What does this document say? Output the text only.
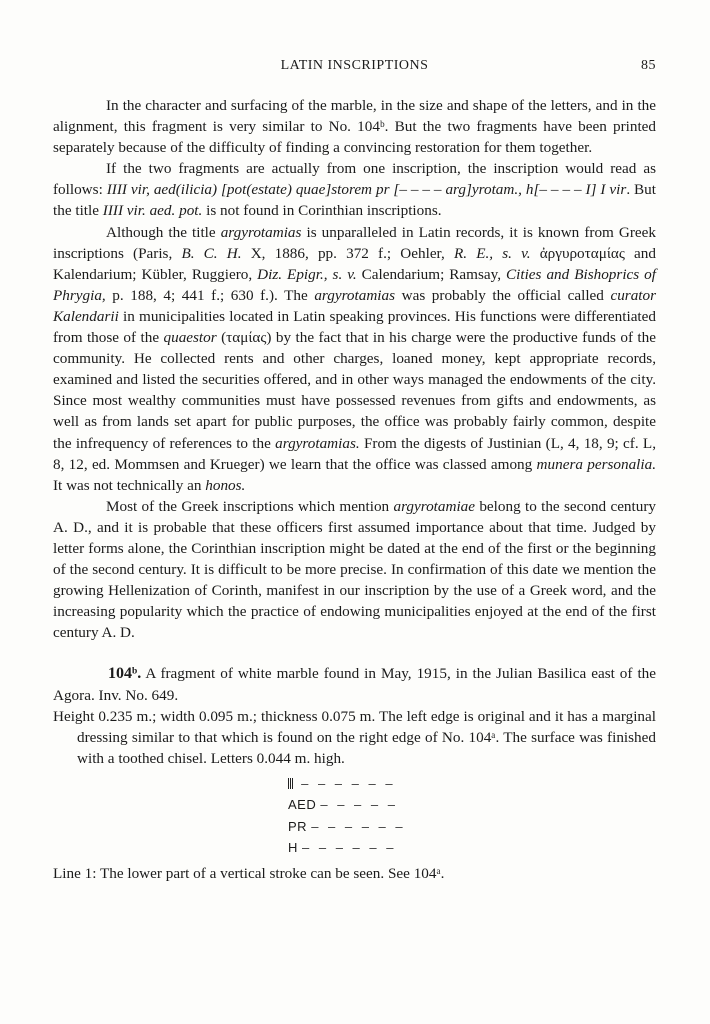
LATIN INSCRIPTIONS	85

In the character and surfacing of the marble, in the size and shape of the letters, and in the alignment, this fragment is very similar to No. 104ᵇ. But the two fragments have been printed separately because of the difficulty of finding a convincing restoration for them together.

If the two fragments are actually from one inscription, the inscription would read as follows: IIII vir, aed(ilicia) [pot(estate) quae]storem pr [– – – – arg]yrotam., h[– – – – I] I vir. But the title IIII vir. aed. pot. is not found in Corinthian inscriptions.

Although the title argyrotamias is unparalleled in Latin records, it is known from Greek inscriptions (Paris, B. C. H. X, 1886, pp. 372 f.; Oehler, R. E., s. v. ἀργυροταμίας and Kalendarium; Kübler, Ruggiero, Diz. Epigr., s. v. Calendarium; Ramsay, Cities and Bishoprics of Phrygia, p. 188, 4; 441 f.; 630 f.). The argyrotamias was probably the official called curator Kalendarii in municipalities located in Latin speaking provinces. His functions were differentiated from those of the quaestor (ταμίας) by the fact that in his charge were the productive funds of the community. He collected rents and other charges, loaned money, kept appropriate records, examined and listed the securities offered, and in other ways managed the endowments of the city. Since most wealthy communities must have possessed revenues from gifts and endowments, as well as from lands set apart for public purposes, the office was probably fairly common, despite the infrequency of references to the argyrotamias. From the digests of Justinian (L, 4, 18, 9; cf. L, 8, 12, ed. Mommsen and Krueger) we learn that the office was classed among munera personalia. It was not technically an honos.

Most of the Greek inscriptions which mention argyrotamiae belong to the second century A. D., and it is probable that these officers first assumed importance about that time. Judged by letter forms alone, the Corinthian inscription might be dated at the end of the first or the beginning of the second century. It is difficult to be more precise. In confirmation of this date we mention the growing Hellenization of Corinth, manifest in our inscription by the use of a Greek word, and the increasing popularity which the practice of endowing municipalities enjoyed at the end of the first century A. D.

104ᵇ. A fragment of white marble found in May, 1915, in the Julian Basilica east of the Agora. Inv. No. 649.

Height 0.235 m.; width 0.095 m.; thickness 0.075 m. The left edge is original and it has a marginal dressing similar to that which is found on the right edge of No. 104ᵃ. The surface was finished with a toothed chisel. Letters 0.044 m. high.

– – – – – –
AED – – – – –
PR – – – – – –
H – – – – – –

Line 1: The lower part of a vertical stroke can be seen. See 104ᵃ.
